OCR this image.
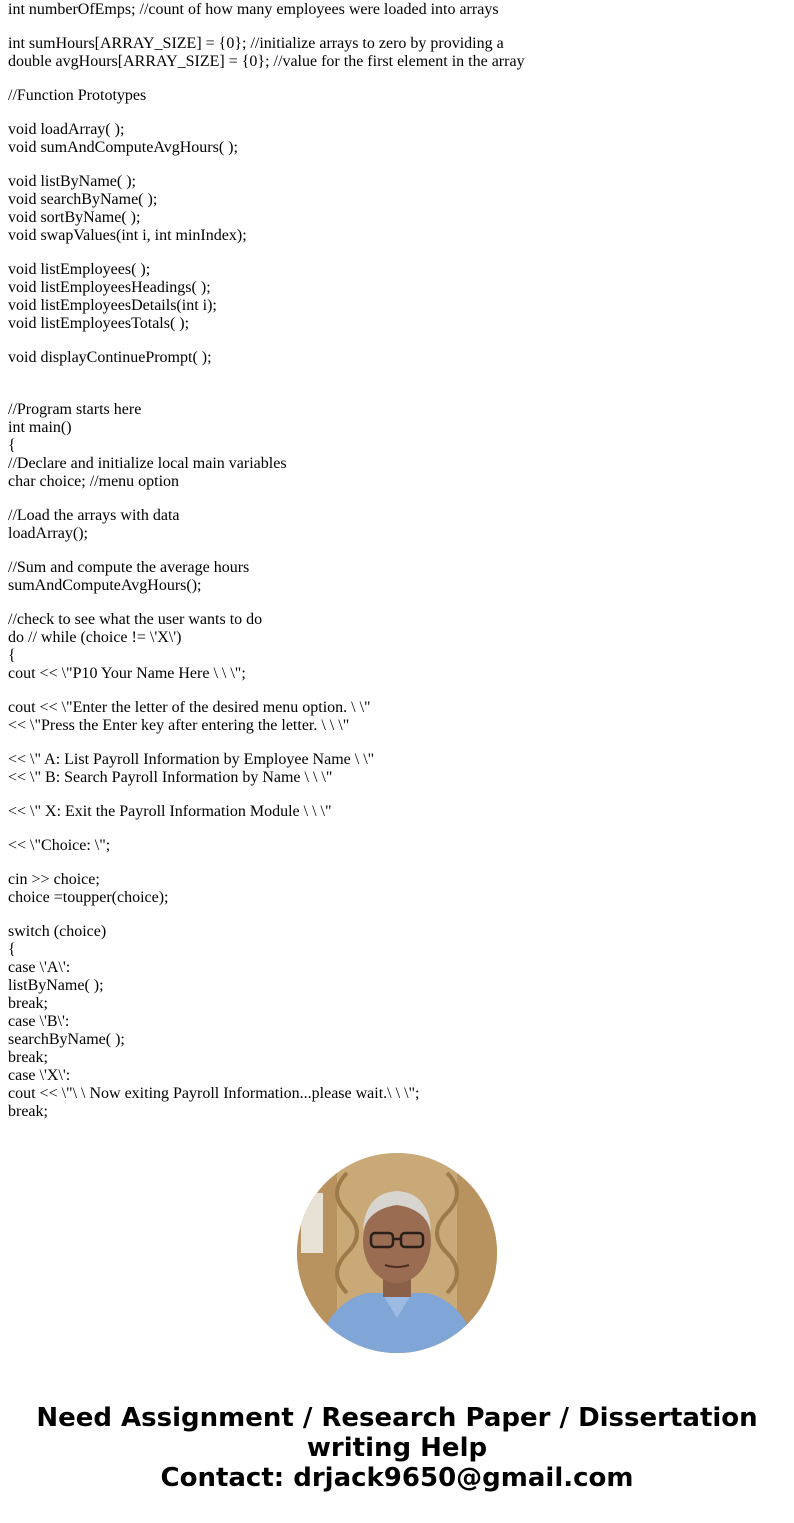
int numberOfEmps; //count of how many employees were loaded into arrays
int sumHours[ARRAY_SIZE] = {0}; //initialize arrays to zero by providing a
double avgHours[ARRAY_SIZE] = {0}; //value for the first element in the array
//Function Prototypes
void loadArray( );
void sumAndComputeAvgHours( );
void listByName( );
void searchByName( );
void sortByName( );
void swapValues(int i, int minIndex);
void listEmployees( );
void listEmployeesHeadings( );
void listEmployeesDetails(int i);
void listEmployeesTotals( );
void displayContinuePrompt( );
//Program starts here
int main()
{
//Declare and initialize local main variables
char choice; //menu option
//Load the arrays with data
loadArray();
//Sum and compute the average hours
sumAndComputeAvgHours();
//check to see what the user wants to do
do // while (choice != \'X\')
{
cout << \"P10 Your Name Here \ \ \";
cout << \"Enter the letter of the desired menu option. \ \"
<< \"Press the Enter key after entering the letter. \ \ \"
<< \" A: List Payroll Information by Employee Name \ \"
<< \" B: Search Payroll Information by Name \ \ \"
<< \" X: Exit the Payroll Information Module \ \ \"
<< \"Choice: \";
cin >> choice;
choice =toupper(choice);
switch (choice)
{
case \'A\':
listByName( );
break;
case \'B\':
searchByName( );
break;
case \'X\':
cout << \"\ \ Now exiting Payroll Information...please wait.\ \ \";
break;
Need Assignment / Research Paper / Dissertation
writing Help
Contact: drjack9650@gmail.com
